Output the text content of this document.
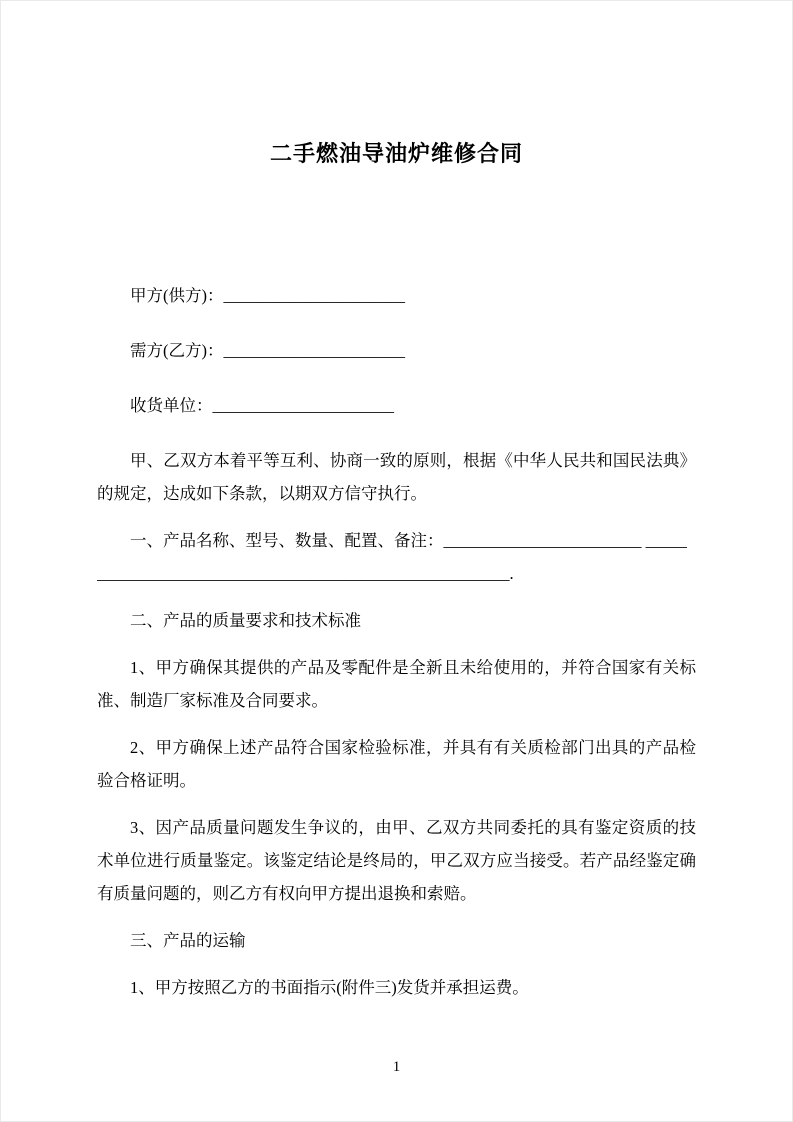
二手燃油导油炉维修合同
甲方(供方)：______________________
需方(乙方)：______________________
收货单位：______________________

甲、乙双方本着平等互利、协商一致的原则，根据《中华人民共和国民法典》的规定，达成如下条款，以期双方信守执行。

一、产品名称、型号、数量、配置、备注：________________________ _____
__________________________________________________.

二、产品的质量要求和技术标准

1、甲方确保其提供的产品及零配件是全新且未给使用的，并符合国家有关标准、制造厂家标准及合同要求。

2、甲方确保上述产品符合国家检验标准，并具有有关质检部门出具的产品检验合格证明。

3、因产品质量问题发生争议的，由甲、乙双方共同委托的具有鉴定资质的技术单位进行质量鉴定。该鉴定结论是终局的，甲乙双方应当接受。若产品经鉴定确有质量问题的，则乙方有权向甲方提出退换和索赔。

三、产品的运输

1、甲方按照乙方的书面指示(附件三)发货并承担运费。

1
